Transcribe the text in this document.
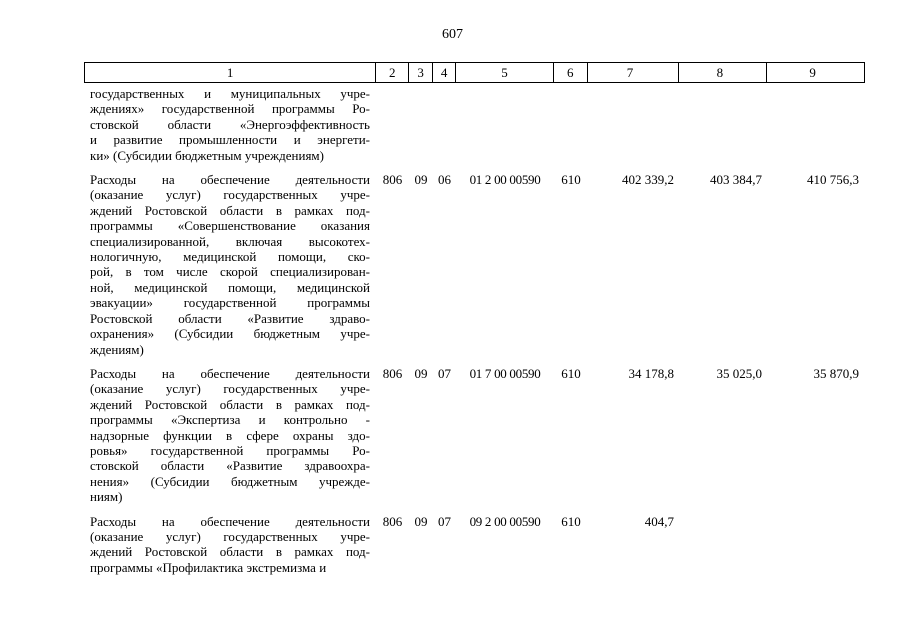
607
1	2	3	4	5	6	7	8	9
государственных и муниципальных учре-
ждениях» государственной программы Ро-
стовской области «Энергоэффективность
и развитие промышленности и энергети-
ки» (Субсидии бюджетным учреждениям)
Расходы на обеспечение деятельности
(оказание услуг) государственных учре-
ждений Ростовской области в рамках под-
программы «Совершенствование оказания
специализированной, включая высокотех-
нологичную, медицинской помощи, ско-
рой, в том числе скорой специализирован-
ной, медицинской помощи, медицинской
эвакуации» государственной программы
Ростовской области «Развитие здраво-
охранения» (Субсидии бюджетным учре-
ждениям)
806 09 06	01 2 00 00590	610	402 339,2	403 384,7	410 756,3
Расходы на обеспечение деятельности
(оказание услуг) государственных учре-
ждений Ростовской области в рамках под-
программы «Экспертиза и контрольно -
надзорные функции в сфере охраны здо-
ровья» государственной программы Ро-
стовской области «Развитие здравоохра-
нения» (Субсидии бюджетным учрежде-
ниям)
806 09 07	01 7 00 00590	610	34 178,8	35 025,0	35 870,9
Расходы на обеспечение деятельности
(оказание услуг) государственных учре-
ждений Ростовской области в рамках под-
программы «Профилактика экстремизма и
806 09 07	09 2 00 00590	610	404,7
